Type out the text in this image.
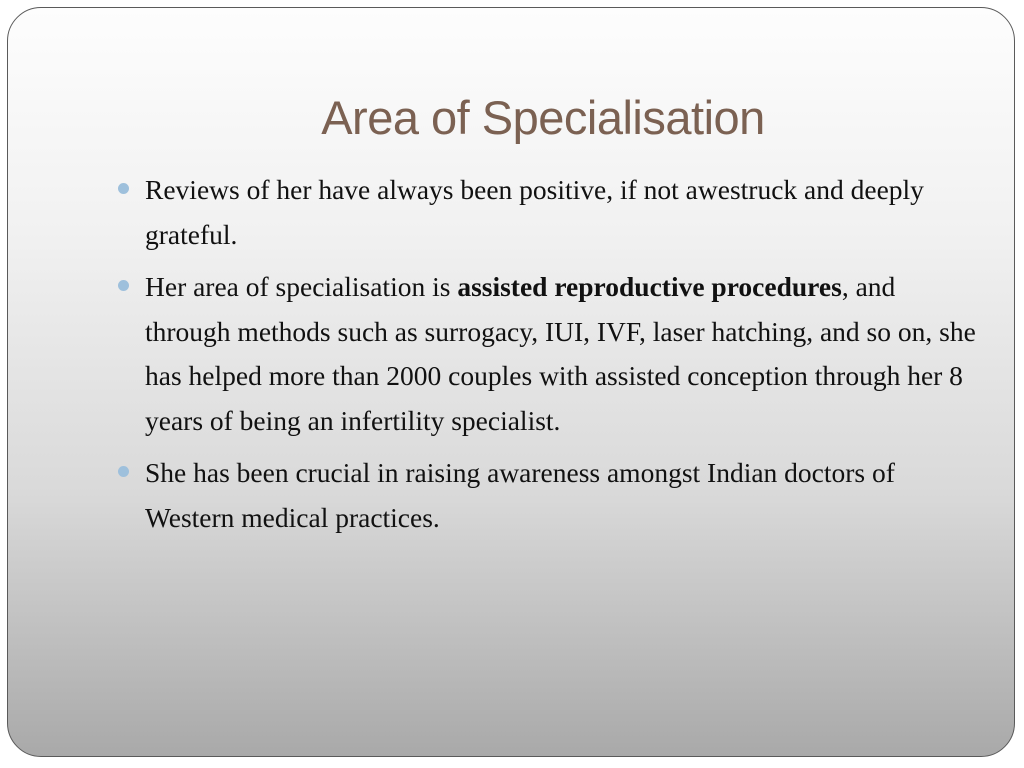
Area of Specialisation
Reviews of her have always been positive, if not awestruck and deeply grateful.
Her area of specialisation is assisted reproductive procedures, and through methods such as surrogacy, IUI, IVF, laser hatching, and so on, she has helped more than 2000 couples with assisted conception through her 8 years of being an infertility specialist.
She has been crucial in raising awareness amongst Indian doctors of Western medical practices.
